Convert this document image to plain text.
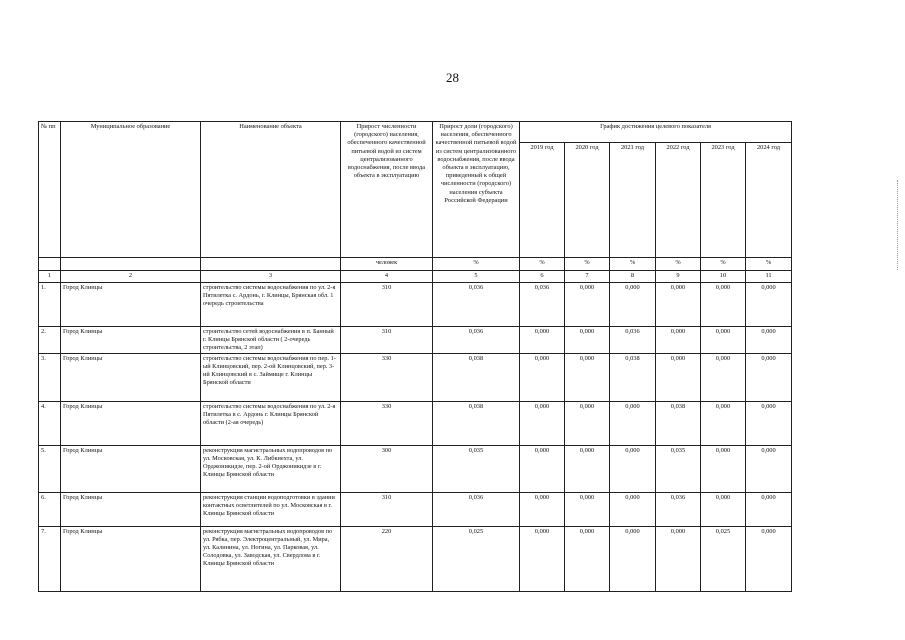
28
№ пп	Муниципальное образование	Наименование объекта	Прирост численности (городского) населения, обеспеченного качественной питьевой водой из систем централизованного водоснабжения, после ввода объекта в эксплуатацию	Прирост доли (городского) населения, обеспеченного качественной питьевой водой из систем централизованного водоснабжения, после ввода объекта в эксплуатацию, приведенный к общей численности (городского) населения субъекта Российской Федерации	График достижения целевого показателя					
					2019 год	2020 год	2021 год	2022 год	2023 год	2024 год
			человек	%	%	%	%	%	%	%
1	2	3	4	5	6	7	8	9	10	11
1.	Город Клинцы	строительство системы водоснабжения по ул. 2-я Пятилетка с. Ардонь, г. Клинцы, Брянская обл. 1 очередь строительства	310	0,036	0,036	0,000	0,000	0,000	0,000	0,000
2.	Город Клинцы	строительство сетей водоснабжения в п. Банный г. Клинцы Брянской области ( 2-очередь строительства, 2 этап)	310	0,036	0,000	0,000	0,036	0,000	0,000	0,000
3.	Город Клинцы	строительство системы водоснабжения по пер. 1-ый Клинцовский, пер. 2-ой Клинцовский, пер. 3-ий Клинцовский в с. Займище г. Клинцы Брянской области	330	0,038	0,000	0,000	0,038	0,000	0,000	0,000
4.	Город Клинцы	строительство системы водоснабжения по ул. 2-я Пятилетка в с. Ардонь г. Клинцы Брянской области (2-ая очередь)	330	0,038	0,000	0,000	0,000	0,038	0,000	0,000
5.	Город Клинцы	реконструкция магистральных водопроводов по ул. Московская, ул. К. Либкнехта, ул. Орджоникидзе, пер. 2-ой Орджоникидзе в г. Клинцы Брянской области	300	0,035	0,000	0,000	0,000	0,035	0,000	0,000
6.	Город Клинцы	реконструкция станции водоподготовки в здании контактных осветлителей по ул. Московская в г. Клинцы Брянской области	310	0,036	0,000	0,000	0,000	0,036	0,000	0,000
7.	Город Клинцы	реконструкция магистральных водопроводов по ул. Рябка, пер. Электроцентральный, ул. Мира, ул. Калинина, ул. Ногина, ул. Парковая, ул. Солодовка, ул. Заводская, ул. Свердлова в г. Клинцы Брянской области	220	0,025	0,000	0,000	0,000	0,000	0,025	0,000
